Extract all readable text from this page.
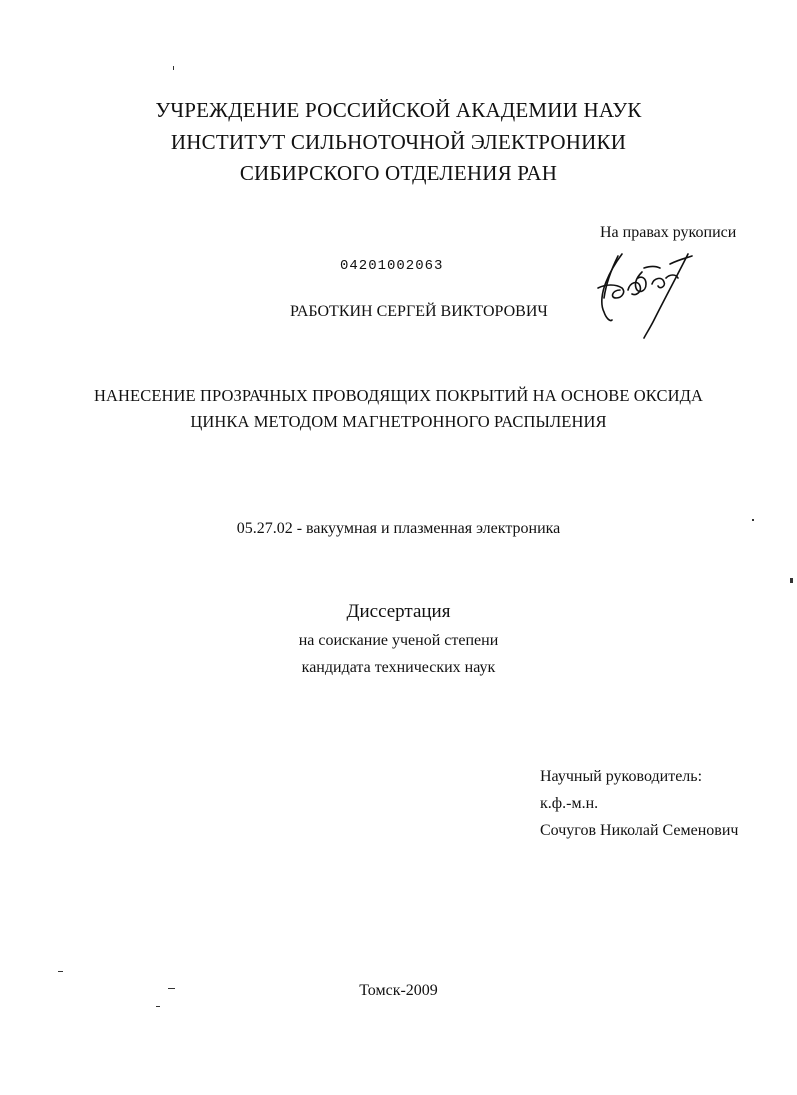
УЧРЕЖДЕНИЕ РОССИЙСКОЙ АКАДЕМИИ НАУК
ИНСТИТУТ СИЛЬНОТОЧНОЙ ЭЛЕКТРОНИКИ
СИБИРСКОГО ОТДЕЛЕНИЯ РАН
На правах рукописи
04201002063
РАБОТКИН СЕРГЕЙ ВИКТОРОВИЧ
НАНЕСЕНИЕ ПРОЗРАЧНЫХ ПРОВОДЯЩИХ ПОКРЫТИЙ НА ОСНОВЕ ОКСИДА
ЦИНКА МЕТОДОМ МАГНЕТРОННОГО РАСПЫЛЕНИЯ
05.27.02 - вакуумная и плазменная электроника
Диссертация
на соискание ученой степени
кандидата технических наук
Научный руководитель:
к.ф.-м.н.
Сочугов Николай Семенович
Томск-2009
